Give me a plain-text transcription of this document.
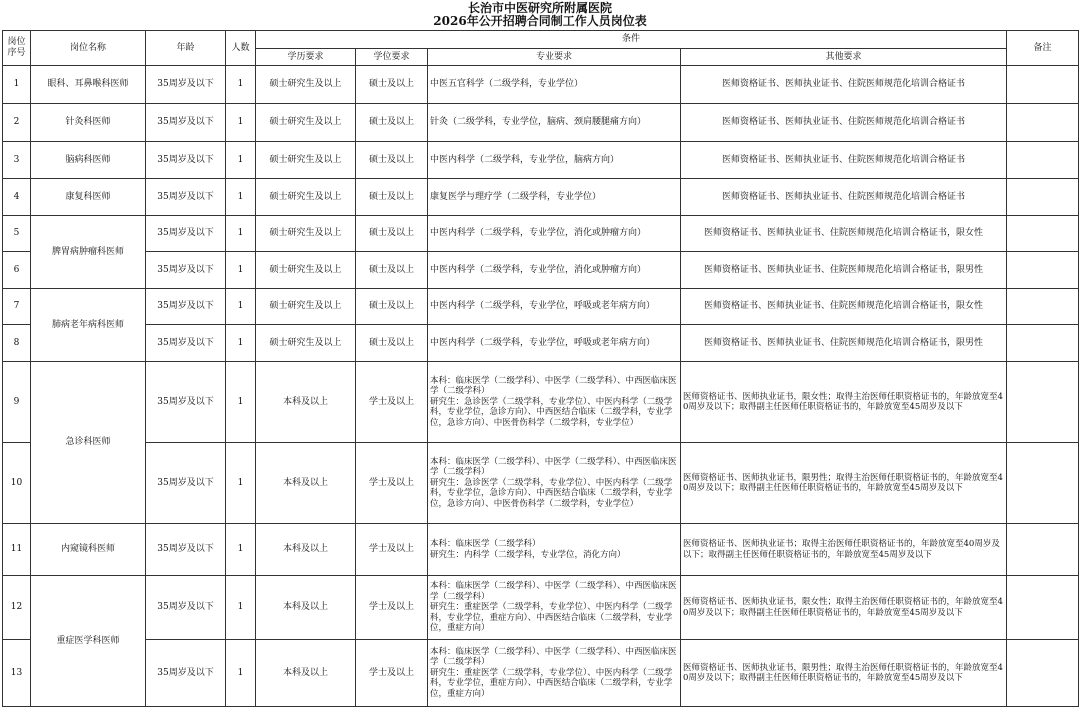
长治市中医研究所附属医院
2026年公开招聘合同制工作人员岗位表
岗位序号	岗位名称	年龄	人数	条件				备注
				学历要求	学位要求	专业要求	其他要求	
1	眼科、耳鼻喉科医师	35周岁及以下	1	硕士研究生及以上	硕士及以上	中医五官科学（二级学科，专业学位）	医师资格证书、医师执业证书、住院医师规范化培训合格证书	
2	针灸科医师	35周岁及以下	1	硕士研究生及以上	硕士及以上	针灸（二级学科，专业学位，脑病、颈肩腰腿痛方向）	医师资格证书、医师执业证书、住院医师规范化培训合格证书	
3	脑病科医师	35周岁及以下	1	硕士研究生及以上	硕士及以上	中医内科学（二级学科，专业学位，脑病方向）	医师资格证书、医师执业证书、住院医师规范化培训合格证书	
4	康复科医师	35周岁及以下	1	硕士研究生及以上	硕士及以上	康复医学与理疗学（二级学科，专业学位）	医师资格证书、医师执业证书、住院医师规范化培训合格证书	
5	脾胃病肿瘤科医师	35周岁及以下	1	硕士研究生及以上	硕士及以上	中医内科学（二级学科，专业学位，消化或肿瘤方向）	医师资格证书、医师执业证书、住院医师规范化培训合格证书，限女性	
6		35周岁及以下	1	硕士研究生及以上	硕士及以上	中医内科学（二级学科，专业学位，消化或肿瘤方向）	医师资格证书、医师执业证书、住院医师规范化培训合格证书，限男性	
7	肺病老年病科医师	35周岁及以下	1	硕士研究生及以上	硕士及以上	中医内科学（二级学科，专业学位，呼吸或老年病方向）	医师资格证书、医师执业证书、住院医师规范化培训合格证书，限女性	
8		35周岁及以下	1	硕士研究生及以上	硕士及以上	中医内科学（二级学科，专业学位，呼吸或老年病方向）	医师资格证书、医师执业证书、住院医师规范化培训合格证书，限男性	
9	急诊科医师	35周岁及以下	1	本科及以上	学士及以上	本科：临床医学（二级学科）、中医学（二级学科）、中西医临床医学（二级学科）
研究生：急诊医学（二级学科，专业学位）、中医内科学（二级学科，专业学位，急诊方向）、中西医结合临床（二级学科，专业学位，急诊方向）、中医骨伤科学（二级学科，专业学位）	医师资格证书、医师执业证书，限女性；取得主治医师任职资格证书的，年龄放宽至40周岁及以下；取得副主任医师任职资格证书的，年龄放宽至45周岁及以下	
10		35周岁及以下	1	本科及以上	学士及以上	本科：临床医学（二级学科）、中医学（二级学科）、中西医临床医学（二级学科）
研究生：急诊医学（二级学科，专业学位）、中医内科学（二级学科，专业学位，急诊方向）、中西医结合临床（二级学科，专业学位，急诊方向）、中医骨伤科学（二级学科，专业学位）	医师资格证书、医师执业证书，限男性；取得主治医师任职资格证书的，年龄放宽至40周岁及以下；取得副主任医师任职资格证书的，年龄放宽至45周岁及以下	
11	内窥镜科医师	35周岁及以下	1	本科及以上	学士及以上	本科：临床医学（二级学科）
研究生：内科学（二级学科，专业学位，消化方向）	医师资格证书、医师执业证书；取得主治医师任职资格证书的，年龄放宽至40周岁及以下；取得副主任医师任职资格证书的，年龄放宽至45周岁及以下	
12	重症医学科医师	35周岁及以下	1	本科及以上	学士及以上	本科：临床医学（二级学科）、中医学（二级学科）、中西医临床医学（二级学科）
研究生：重症医学（二级学科，专业学位）、中医内科学（二级学科，专业学位，重症方向）、中西医结合临床（二级学科，专业学位，重症方向）	医师资格证书、医师执业证书，限女性；取得主治医师任职资格证书的，年龄放宽至40周岁及以下；取得副主任医师任职资格证书的，年龄放宽至45周岁及以下	
13		35周岁及以下	1	本科及以上	学士及以上	本科：临床医学（二级学科）、中医学（二级学科）、中西医临床医学（二级学科）
研究生：重症医学（二级学科，专业学位）、中医内科学（二级学科，专业学位，重症方向）、中西医结合临床（二级学科，专业学位，重症方向）	医师资格证书、医师执业证书，限男性；取得主治医师任职资格证书的，年龄放宽至40周岁及以下；取得副主任医师任职资格证书的，年龄放宽至45周岁及以下	
